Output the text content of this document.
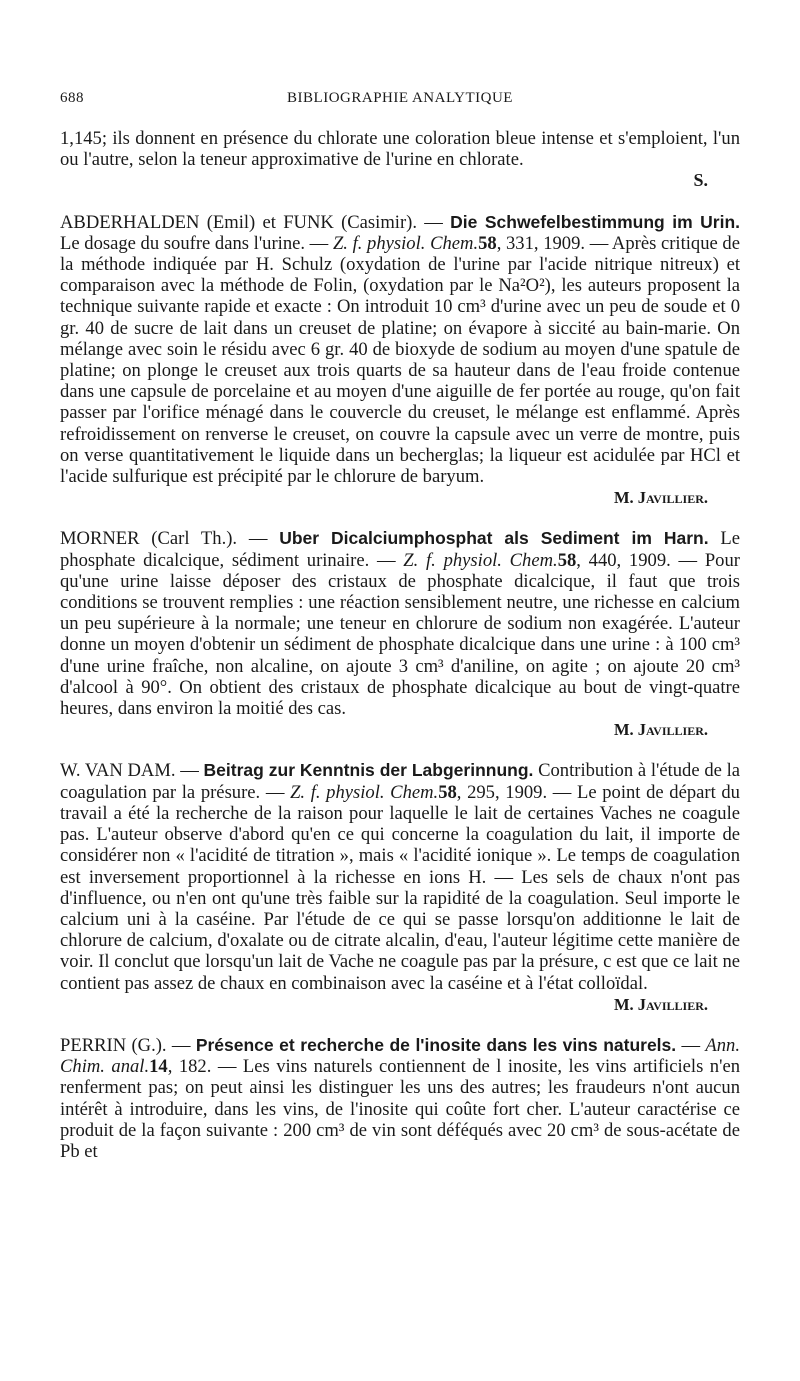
688	BIBLIOGRAPHIE ANALYTIQUE

1,145; ils donnent en présence du chlorate une coloration bleue intense et s'emploient, l'un ou l'autre, selon la teneur approximative de l'urine en chlorate.

S.

ABDERHALDEN (Emil) et FUNK (Casimir). — Die Schwefelbestimmung im Urin. Le dosage du soufre dans l'urine. — Z. f. physiol. Chem.58, 331, 1909. — Après critique de la méthode indiquée par H. Schulz (oxydation de l'urine par l'acide nitrique nitreux) et comparaison avec la méthode de Folin, (oxydation par le Na²O²), les auteurs proposent la technique suivante rapide et exacte : On introduit 10 cm³ d'urine avec un peu de soude et 0 gr. 40 de sucre de lait dans un creuset de platine; on évapore à siccité au bain-marie. On mélange avec soin le résidu avec 6 gr. 40 de bioxyde de sodium au moyen d'une spatule de platine; on plonge le creuset aux trois quarts de sa hauteur dans de l'eau froide contenue dans une capsule de porcelaine et au moyen d'une aiguille de fer portée au rouge, qu'on fait passer par l'orifice ménagé dans le couvercle du creuset, le mélange est enflammé. Après refroidissement on renverse le creuset, on couvre la capsule avec un verre de montre, puis on verse quantitativement le liquide dans un becherglas; la liqueur est acidulée par HCl et l'acide sulfurique est précipité par le chlorure de baryum.

M. Javillier.

MORNER (Carl Th.). — Uber Dicalciumphosphat als Sediment im Harn. Le phosphate dicalcique, sédiment urinaire. — Z. f. physiol. Chem.58, 440, 1909. — Pour qu'une urine laisse déposer des cristaux de phosphate dicalcique, il faut que trois conditions se trouvent remplies : une réaction sensiblement neutre, une richesse en calcium un peu supérieure à la normale; une teneur en chlorure de sodium non exagérée. L'auteur donne un moyen d'obtenir un sédiment de phosphate dicalcique dans une urine : à 100 cm³ d'une urine fraîche, non alcaline, on ajoute 3 cm³ d'aniline, on agite ; on ajoute 20 cm³ d'alcool à 90°. On obtient des cristaux de phosphate dicalcique au bout de vingt-quatre heures, dans environ la moitié des cas.

M. Javillier.

W. VAN DAM. — Beitrag zur Kenntnis der Labgerinnung. Contribution à l'étude de la coagulation par la présure. — Z. f. physiol. Chem.58, 295, 1909. — Le point de départ du travail a été la recherche de la raison pour laquelle le lait de certaines Vaches ne coagule pas. L'auteur observe d'abord qu'en ce qui concerne la coagulation du lait, il importe de considérer non « l'acidité de titration », mais « l'acidité ionique ». Le temps de coagulation est inversement proportionnel à la richesse en ions H. — Les sels de chaux n'ont pas d'influence, ou n'en ont qu'une très faible sur la rapidité de la coagulation. Seul importe le calcium uni à la caséine. Par l'étude de ce qui se passe lorsqu'on additionne le lait de chlorure de calcium, d'oxalate ou de citrate alcalin, d'eau, l'auteur légitime cette manière de voir. Il conclut que lorsqu'un lait de Vache ne coagule pas par la présure, c est que ce lait ne contient pas assez de chaux en combinaison avec la caséine et à l'état colloïdal.

M. Javillier.

PERRIN (G.). — Présence et recherche de l'inosite dans les vins naturels. — Ann. Chim. anal.14, 182. — Les vins naturels contiennent de l inosite, les vins artificiels n'en renferment pas; on peut ainsi les distinguer les uns des autres; les fraudeurs n'ont aucun intérêt à introduire, dans les vins, de l'inosite qui coûte fort cher. L'auteur caractérise ce produit de la façon suivante : 200 cm³ de vin sont déféqués avec 20 cm³ de sous-acétate de Pb et
